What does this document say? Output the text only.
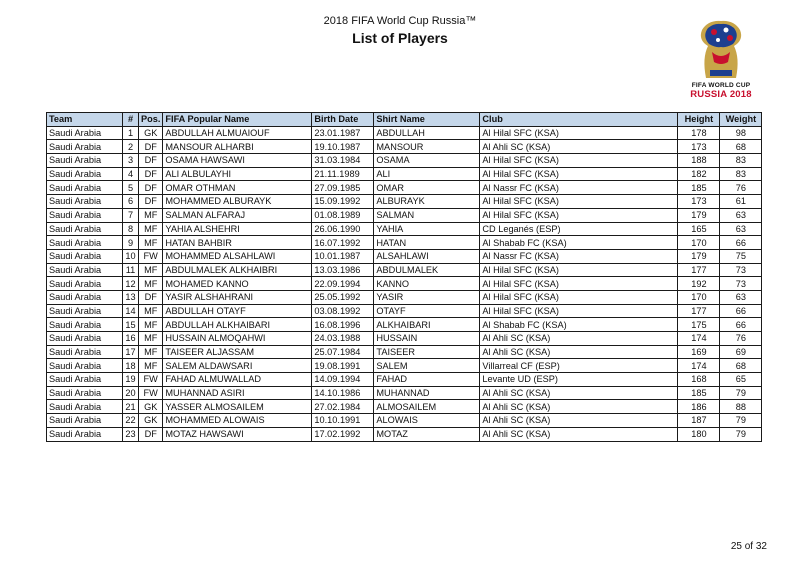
2018 FIFA World Cup Russia™
List of Players
FIFA WORLD CUP
RUSSIA 2018
Team	#	Pos.	FIFA Popular Name	Birth Date	Shirt Name	Club	Height	Weight
Saudi Arabia	1	GK	ABDULLAH ALMUAIOUF	23.01.1987	ABDULLAH	Al Hilal SFC (KSA)	178	98
Saudi Arabia	2	DF	MANSOUR ALHARBI	19.10.1987	MANSOUR	Al Ahli SC (KSA)	173	68
Saudi Arabia	3	DF	OSAMA HAWSAWI	31.03.1984	OSAMA	Al Hilal SFC (KSA)	188	83
Saudi Arabia	4	DF	ALI ALBULAYHI	21.11.1989	ALI	Al Hilal SFC (KSA)	182	83
Saudi Arabia	5	DF	OMAR OTHMAN	27.09.1985	OMAR	Al Nassr FC (KSA)	185	76
Saudi Arabia	6	DF	MOHAMMED ALBURAYK	15.09.1992	ALBURAYK	Al Hilal SFC (KSA)	173	61
Saudi Arabia	7	MF	SALMAN ALFARAJ	01.08.1989	SALMAN	Al Hilal SFC (KSA)	179	63
Saudi Arabia	8	MF	YAHIA ALSHEHRI	26.06.1990	YAHIA	CD Leganés (ESP)	165	63
Saudi Arabia	9	MF	HATAN BAHBIR	16.07.1992	HATAN	Al Shabab FC (KSA)	170	66
Saudi Arabia	10	FW	MOHAMMED ALSAHLAWI	10.01.1987	ALSAHLAWI	Al Nassr FC (KSA)	179	75
Saudi Arabia	11	MF	ABDULMALEK ALKHAIBRI	13.03.1986	ABDULMALEK	Al Hilal SFC (KSA)	177	73
Saudi Arabia	12	MF	MOHAMED KANNO	22.09.1994	KANNO	Al Hilal SFC (KSA)	192	73
Saudi Arabia	13	DF	YASIR ALSHAHRANI	25.05.1992	YASIR	Al Hilal SFC (KSA)	170	63
Saudi Arabia	14	MF	ABDULLAH OTAYF	03.08.1992	OTAYF	Al Hilal SFC (KSA)	177	66
Saudi Arabia	15	MF	ABDULLAH ALKHAIBARI	16.08.1996	ALKHAIBARI	Al Shabab FC (KSA)	175	66
Saudi Arabia	16	MF	HUSSAIN ALMOQAHWI	24.03.1988	HUSSAIN	Al Ahli SC (KSA)	174	76
Saudi Arabia	17	MF	TAISEER ALJASSAM	25.07.1984	TAISEER	Al Ahli SC (KSA)	169	69
Saudi Arabia	18	MF	SALEM ALDAWSARI	19.08.1991	SALEM	Villarreal CF (ESP)	174	68
Saudi Arabia	19	FW	FAHAD ALMUWALLAD	14.09.1994	FAHAD	Levante UD (ESP)	168	65
Saudi Arabia	20	FW	MUHANNAD ASIRI	14.10.1986	MUHANNAD	Al Ahli SC (KSA)	185	79
Saudi Arabia	21	GK	YASSER ALMOSAILEM	27.02.1984	ALMOSAILEM	Al Ahli SC (KSA)	186	88
Saudi Arabia	22	GK	MOHAMMED ALOWAIS	10.10.1991	ALOWAIS	Al Ahli SC (KSA)	187	79
Saudi Arabia	23	DF	MOTAZ HAWSAWI	17.02.1992	MOTAZ	Al Ahli SC (KSA)	180	79
25 of 32
